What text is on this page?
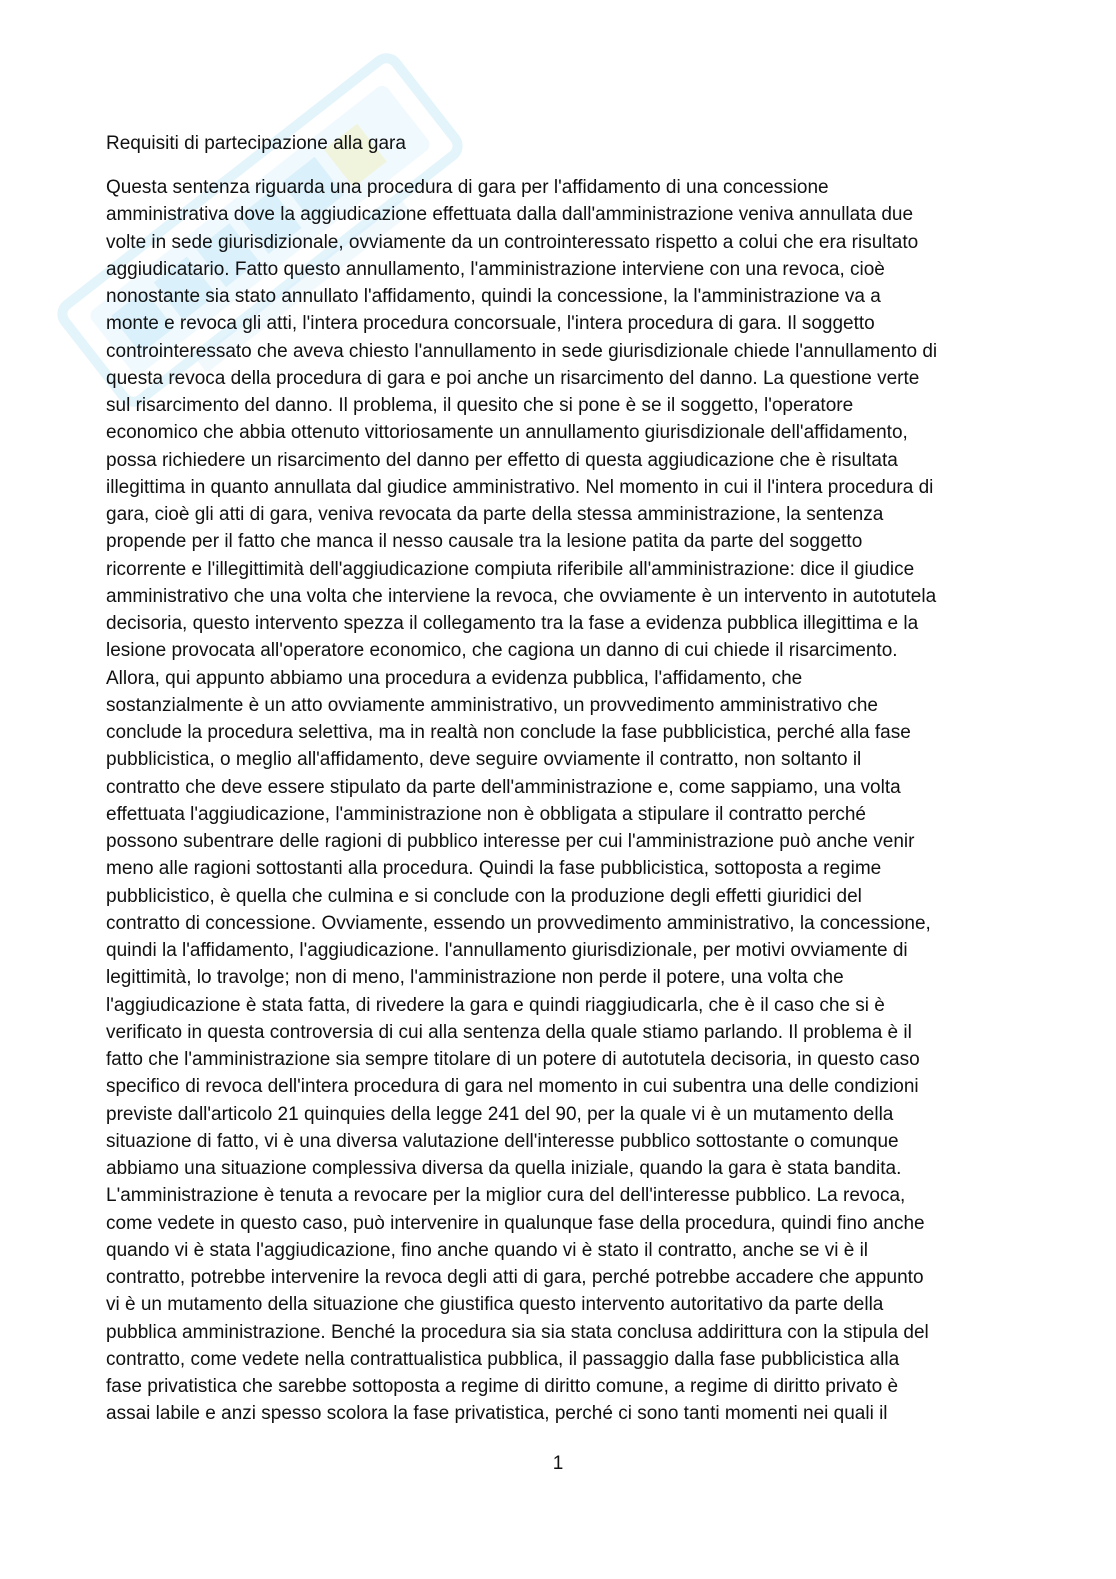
Requisiti di partecipazione alla gara
Questa sentenza riguarda una procedura di gara per l'affidamento di una concessione
amministrativa dove la aggiudicazione effettuata dalla dall'amministrazione veniva annullata due
volte in sede giurisdizionale, ovviamente da un controinteressato rispetto a colui che era risultato
aggiudicatario. Fatto questo annullamento, l'amministrazione interviene con una revoca, cioè
nonostante sia stato annullato l'affidamento, quindi la concessione, la l'amministrazione va a
monte e revoca gli atti, l'intera procedura concorsuale, l'intera procedura di gara. Il soggetto
controinteressato che aveva chiesto l'annullamento in sede giurisdizionale chiede l'annullamento di
questa revoca della procedura di gara e poi anche un risarcimento del danno. La questione verte
sul risarcimento del danno. Il problema, il quesito che si pone è se il soggetto, l'operatore
economico che abbia ottenuto vittoriosamente un annullamento giurisdizionale dell'affidamento,
possa richiedere un risarcimento del danno per effetto di questa aggiudicazione che è risultata
illegittima in quanto annullata dal giudice amministrativo. Nel momento in cui il l'intera procedura di
gara, cioè gli atti di gara, veniva revocata da parte della stessa amministrazione, la sentenza
propende per il fatto che manca il nesso causale tra la lesione patita da parte del soggetto
ricorrente e l'illegittimità dell'aggiudicazione compiuta riferibile all'amministrazione: dice il giudice
amministrativo che una volta che interviene la revoca, che ovviamente è un intervento in autotutela
decisoria, questo intervento spezza il collegamento tra la fase a evidenza pubblica illegittima e la
lesione provocata all'operatore economico, che cagiona un danno di cui chiede il risarcimento.
Allora, qui appunto abbiamo una procedura a evidenza pubblica, l'affidamento, che
sostanzialmente è un atto ovviamente amministrativo, un provvedimento amministrativo che
conclude la procedura selettiva, ma in realtà non conclude la fase pubblicistica, perché alla fase
pubblicistica, o meglio all'affidamento, deve seguire ovviamente il contratto, non soltanto il
contratto che deve essere stipulato da parte dell'amministrazione e, come sappiamo, una volta
effettuata l'aggiudicazione, l'amministrazione non è obbligata a stipulare il contratto perché
possono subentrare delle ragioni di pubblico interesse per cui l'amministrazione può anche venir
meno alle ragioni sottostanti alla procedura. Quindi la fase pubblicistica, sottoposta a regime
pubblicistico, è quella che culmina e si conclude con la produzione degli effetti giuridici del
contratto di concessione. Ovviamente, essendo un provvedimento amministrativo, la concessione,
quindi la l'affidamento, l'aggiudicazione. l'annullamento giurisdizionale, per motivi ovviamente di
legittimità, lo travolge; non di meno, l'amministrazione non perde il potere, una volta che
l'aggiudicazione è stata fatta, di rivedere la gara e quindi riaggiudicarla, che è il caso che si è
verificato in questa controversia di cui alla sentenza della quale stiamo parlando. Il problema è il
fatto che l'amministrazione sia sempre titolare di un potere di autotutela decisoria, in questo caso
specifico di revoca dell'intera procedura di gara nel momento in cui subentra una delle condizioni
previste dall'articolo 21 quinquies della legge 241 del 90, per la quale vi è un mutamento della
situazione di fatto, vi è una diversa valutazione dell'interesse pubblico sottostante o comunque
abbiamo una situazione complessiva diversa da quella iniziale, quando la gara è stata bandita.
L'amministrazione è tenuta a revocare per la miglior cura del dell'interesse pubblico. La revoca,
come vedete in questo caso, può intervenire in qualunque fase della procedura, quindi fino anche
quando vi è stata l'aggiudicazione, fino anche quando vi è stato il contratto, anche se vi è il
contratto, potrebbe intervenire la revoca degli atti di gara, perché potrebbe accadere che appunto
vi è un mutamento della situazione che giustifica questo intervento autoritativo da parte della
pubblica amministrazione. Benché la procedura sia sia stata conclusa addirittura con la stipula del
contratto, come vedete nella contrattualistica pubblica, il passaggio dalla fase pubblicistica alla
fase privatistica che sarebbe sottoposta a regime di diritto comune, a regime di diritto privato è
assai labile e anzi spesso scolora la fase privatistica, perché ci sono tanti momenti nei quali il
1
